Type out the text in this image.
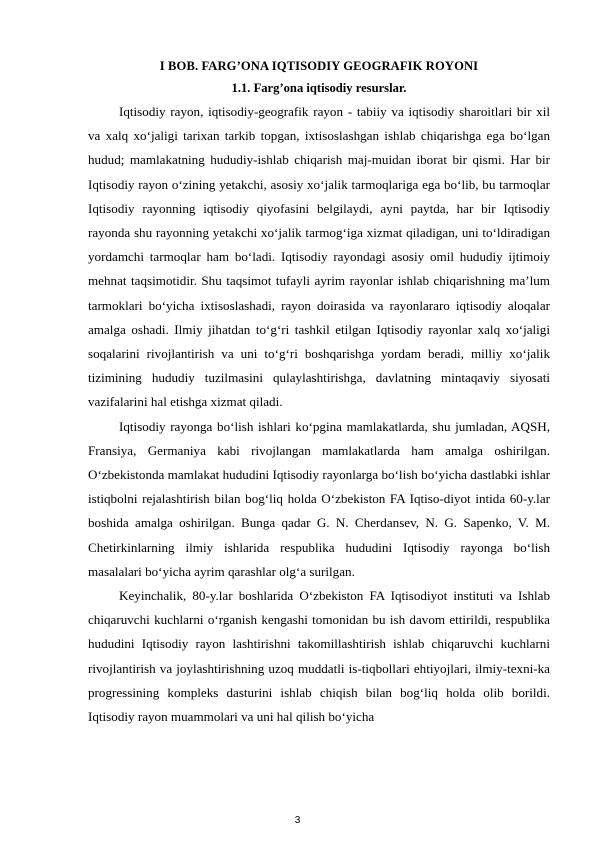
I BOB. FARG’ONA IQTISODIY GEOGRAFIK ROYONI
1.1. Farg’ona iqtisodiy resurslar.

Iqtisodiy rayon, iqtisodiy-geografik rayon - tabiiy va iqtisodiy sharoitlari bir xil va xalq xo‘jaligi tarixan tarkib topgan, ixtisoslashgan ishlab chiqarishga ega bo‘lgan hudud; mamlakatning hududiy-ishlab chiqarish maj-muidan iborat bir qismi. Har bir Iqtisodiy rayon o‘zining yetakchi, asosiy xo‘jalik tarmoqlariga ega bo‘lib, bu tarmoqlar Iqtisodiy rayonning iqtisodiy qiyofasini belgilaydi, ayni paytda, har bir Iqtisodiy rayonda shu rayonning yetakchi xo‘jalik tarmog‘iga xizmat qiladigan, uni to‘ldiradigan yordamchi tarmoqlar ham bo‘ladi. Iqtisodiy rayondagi asosiy omil hududiy ijtimoiy mehnat taqsimotidir. Shu taqsimot tufayli ayrim rayonlar ishlab chiqarishning ma’lum tarmoklari bo‘yicha ixtisoslashadi, rayon doirasida va rayonlararo iqtisodiy aloqalar amalga oshadi. Ilmiy jihatdan to‘g‘ri tashkil etilgan Iqtisodiy rayonlar xalq xo‘jaligi soqalarini rivojlantirish va uni to‘g‘ri boshqarishga yordam beradi, milliy xo‘jalik tizimining hududiy tuzilmasini qulaylashtirishga, davlatning mintaqaviy siyosati vazifalarini hal etishga xizmat qiladi.

Iqtisodiy rayonga bo‘lish ishlari ko‘pgina mamlakatlarda, shu jumladan, AQSH, Fransiya, Germaniya kabi rivojlangan mamlakatlarda ham amalga oshirilgan. O‘zbekistonda mamlakat hududini Iqtisodiy rayonlarga bo‘lish bo‘yicha dastlabki ishlar istiqbolni rejalashtirish bilan bog‘liq holda O‘zbekiston FA Iqtiso-diyot intida 60-y.lar boshida amalga oshirilgan. Bunga qadar G. N. Cherdansev, N. G. Sapenko, V. M. Chetirkinlarning ilmiy ishlarida respublika hududini Iqtisodiy rayonga bo‘lish masalalari bo‘yicha ayrim qarashlar olg‘a surilgan.

Keyinchalik, 80-y.lar boshlarida O‘zbekiston FA Iqtisodiyot instituti va Ishlab chiqaruvchi kuchlarni o‘rganish kengashi tomonidan bu ish davom ettirildi, respublika hududini Iqtisodiy rayon lashtirishni takomillashtirish ishlab chiqaruvchi kuchlarni rivojlantirish va joylashtirishning uzoq muddatli is-tiqbollari ehtiyojlari, ilmiy-texni-ka progressining kompleks dasturini ishlab chiqish bilan bog‘liq holda olib borildi. Iqtisodiy rayon muammolari va uni hal qilish bo‘yicha

3
